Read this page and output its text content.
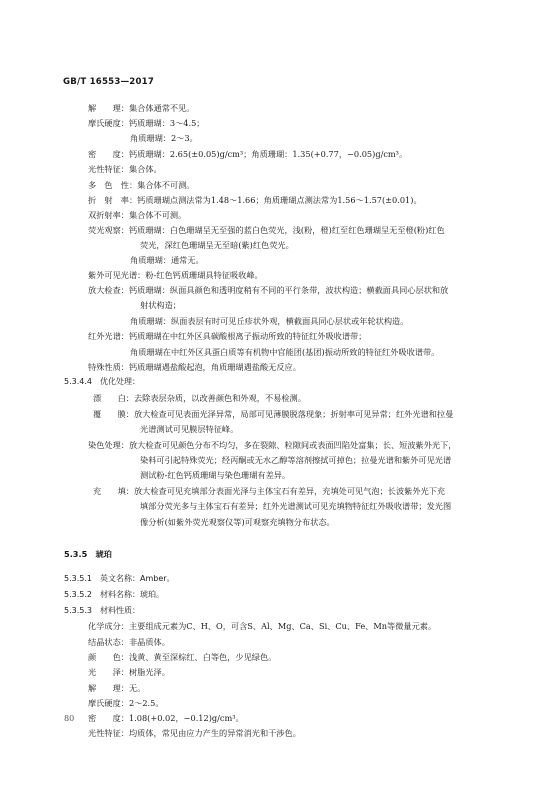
GB/T 16553—2017
解　　理：集合体通常不见。
摩氏硬度：钙质珊瑚：3～4.5；
角质珊瑚：2～3。
密　　度：钙质珊瑚：2.65(±0.05)g/cm³；角质珊瑚：1.35(+0.77，−0.05)g/cm³。
光性特征：集合体。
多　色　性：集合体不可测。
折　射　率：钙质珊瑚点测法常为1.48～1.66；角质珊瑚点测法常为1.56～1.57(±0.01)。
双折射率：集合体不可测。
荧光观察：钙质珊瑚：白色珊瑚呈无至强的蓝白色荧光，浅(粉，橙)红至红色珊瑚呈无至橙(粉)红色
荧光，深红色珊瑚呈无至暗(紫)红色荧光。
角质珊瑚：通常无。
紫外可见光谱：粉-红色钙质珊瑚具特征吸收峰。
放大检查：钙质珊瑚：纵面具颜色和透明度稍有不同的平行条带，波状构造；横截面具同心层状和放
射状构造；
角质珊瑚：纵面表层有时可见丘疹状外观，横截面具同心层状或年轮状构造。
红外光谱：钙质珊瑚在中红外区具碳酸根离子振动所致的特征红外吸收谱带；
角质珊瑚在中红外区具蛋白质等有机物中官能团(基团)振动所致的特征红外吸收谱带。
特殊性质：钙质珊瑚遇盐酸起泡，角质珊瑚遇盐酸无反应。
5.3.4.4　优化处理：
漂　　白：去除表层杂质，以改善颜色和外观，不易检测。
覆　　膜：放大检查可见表面光泽异常，局部可见薄膜脱落现象；折射率可见异常；红外光谱和拉曼
光谱测试可见膜层特征峰。
染色处理：放大检查可见颜色分布不均匀，多在裂隙、粒隙间或表面凹陷处富集；长、短波紫外光下，
染料可引起特殊荧光；经丙酮或无水乙醇等溶剂擦拭可掉色；拉曼光谱和紫外可见光谱
测试粉-红色钙质珊瑚与染色珊瑚有差异。
充　　填：放大检查可见充填部分表面光泽与主体宝石有差异，充填处可见气泡；长波紫外光下充
填部分荧光多与主体宝石有差异；红外光谱测试可见充填物特征红外吸收谱带；发光图
像分析(如紫外荧光观察仪等)可观察充填物分布状态。
5.3.5　琥珀
5.3.5.1　英文名称：Amber。
5.3.5.2　材料名称：琥珀。
5.3.5.3　材料性质：
化学成分：主要组成元素为C、H、O，可含S、Al、Mg、Ca、Si、Cu、Fe、Mn等微量元素。
结晶状态：非晶质体。
颜　　色：浅黄、黄至深棕红、白等色，少见绿色。
光　　泽：树脂光泽。
解　　理：无。
摩氏硬度：2～2.5。
密　　度：1.08(+0.02，−0.12)g/cm³。
光性特征：均质体，常见由应力产生的异常消光和干涉色。
80
